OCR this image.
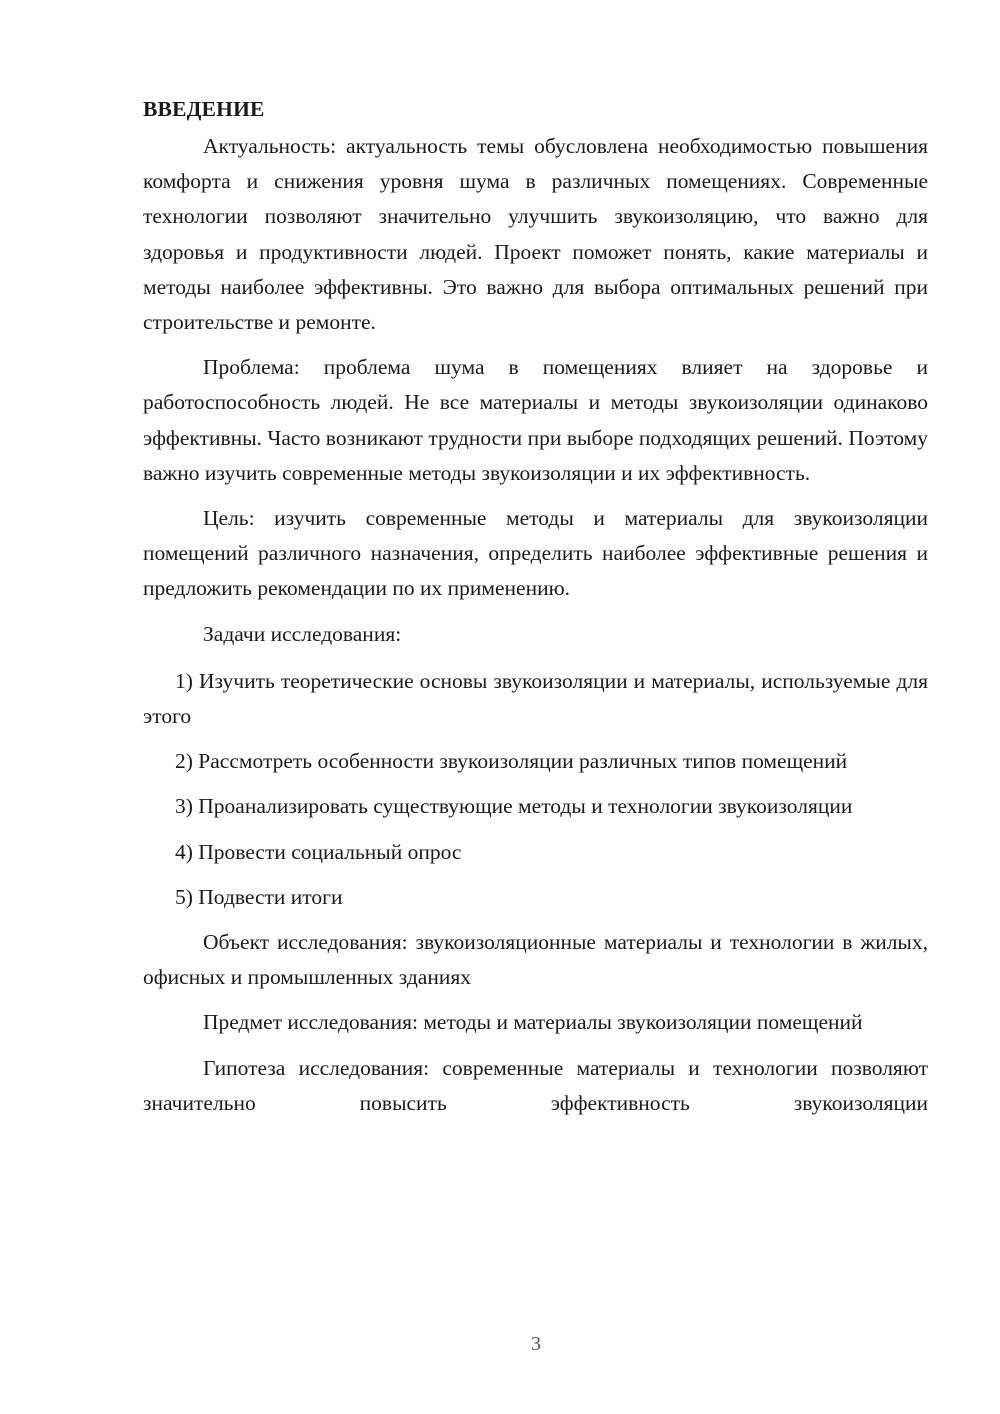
ВВЕДЕНИЕ

Актуальность: актуальность темы обусловлена необходимостью повышения комфорта и снижения уровня шума в различных помещениях. Современные технологии позволяют значительно улучшить звукоизоляцию, что важно для здоровья и продуктивности людей. Проект поможет понять, какие материалы и методы наиболее эффективны. Это важно для выбора оптимальных решений при строительстве и ремонте.

Проблема: проблема шума в помещениях влияет на здоровье и работоспособность людей. Не все материалы и методы звукоизоляции одинаково эффективны. Часто возникают трудности при выборе подходящих решений. Поэтому важно изучить современные методы звукоизоляции и их эффективность.

Цель: изучить современные методы и материалы для звукоизоляции помещений различного назначения, определить наиболее эффективные решения и предложить рекомендации по их применению.

Задачи исследования:

1) Изучить теоретические основы звукоизоляции и материалы, используемые для этого

2) Рассмотреть особенности звукоизоляции различных типов помещений

3) Проанализировать существующие методы и технологии звукоизоляции

4) Провести социальный опрос

5) Подвести итоги

Объект исследования: звукоизоляционные материалы и технологии в жилых, офисных и промышленных зданиях

Предмет исследования: методы и материалы звукоизоляции помещений

Гипотеза исследования: современные материалы и технологии позволяют значительно повысить эффективность звукоизоляции

3
